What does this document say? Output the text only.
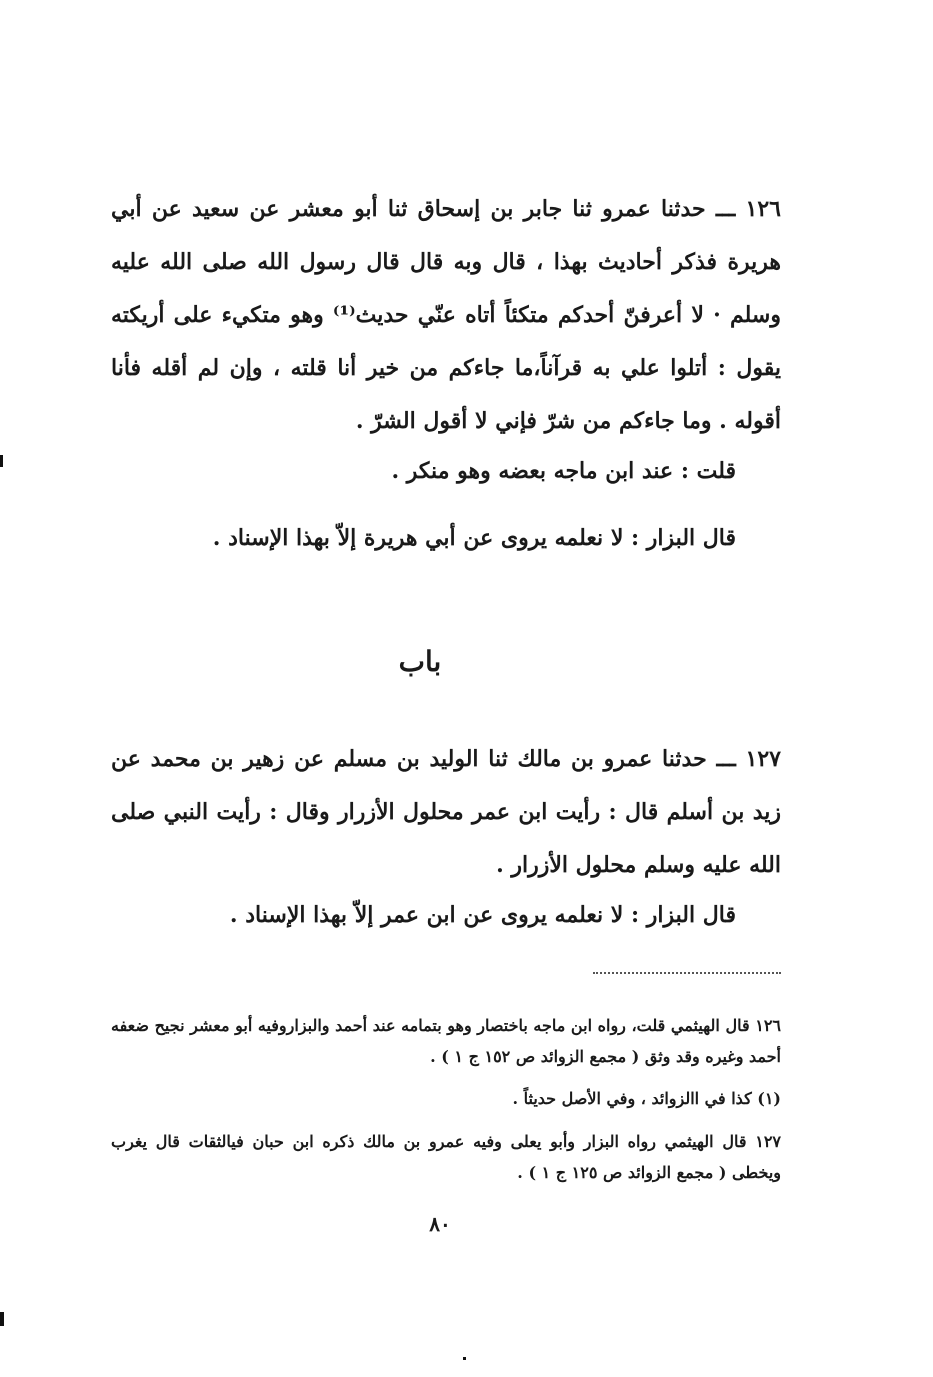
١٢٦ ـــ حدثنا عمرو ثنا جابر بن إسحاق ثنا أبو معشر عن سعيد عن أبي هريرة فذكر أحاديث بهذا ، قال وبه قال قال رسول الله صلى الله عليه وسلم · لا أعرفنّ أحدكم متكئاً أتاه عنّي حديث⁽¹⁾ وهو متكيء على أريكته يقول : أتلوا علي به قرآناً،ما جاءكم من خير أنا قلته ، وإن لم أقله فأنا أقوله . وما جاءكم من شرّ فإني لا أقول الشرّ .

قلت : عند ابن ماجه بعضه وهو منكر .

قال البزار : لا نعلمه يروى عن أبي هريرة إلاّ بهذا الإسناد .

باب

١٢٧ ـــ حدثنا عمرو بن مالك ثنا الوليد بن مسلم عن زهير بن محمد عن زيد بن أسلم قال : رأيت ابن عمر محلول الأزرار وقال : رأيت النبي صلى الله عليه وسلم محلول الأزرار .

قال البزار : لا نعلمه يروى عن ابن عمر إلاّ بهذا الإسناد .

١٢٦ قال الهيثمي قلت، رواه ابن ماجه باختصار وهو بتمامه عند أحمد والبزاروفيه أبو معشر نجيح ضعفه أحمد وغيره وقد وثق ( مجمع الزوائد ص ١٥٢ ج ١ ) .

(١) كذا في االزوائد ، وفي الأصل حديثاً .

١٢٧ قال الهيثمي رواه البزار وأبو يعلى وفيه عمرو بن مالك ذكره ابن حبان فيالثقات قال يغرب ويخطى ( مجمع الزوائد ص ١٢٥ ج ١ ) .

٨٠
